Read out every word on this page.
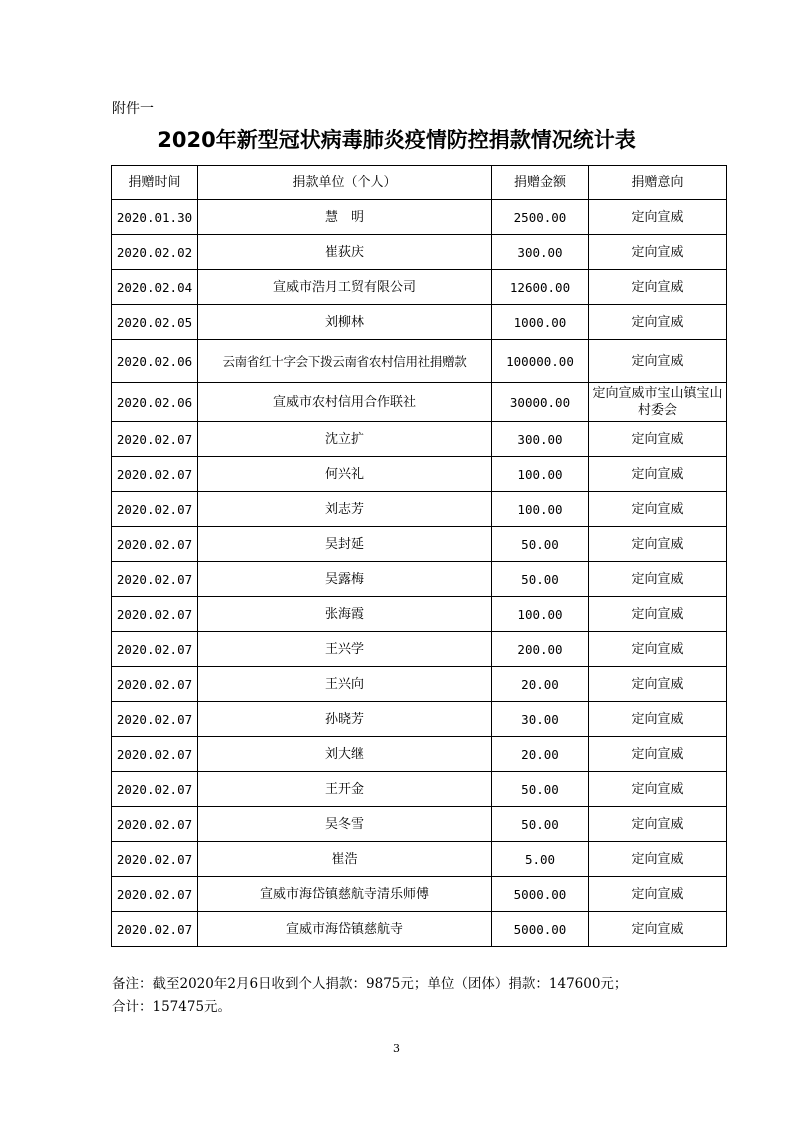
附件一
2020年新型冠状病毒肺炎疫情防控捐款情况统计表
捐赠时间	捐款单位（个人）	捐赠金额	捐赠意向
2020.01.30	慧　明	2500.00	定向宣威
2020.02.02	崔荻庆	300.00	定向宣威
2020.02.04	宣威市浩月工贸有限公司	12600.00	定向宣威
2020.02.05	刘柳林	1000.00	定向宣威
2020.02.06	云南省红十字会下拨云南省农村信用社捐赠款	100000.00	定向宣威
2020.02.06	宣威市农村信用合作联社	30000.00	定向宣威市宝山镇宝山村委会
2020.02.07	沈立扩	300.00	定向宣威
2020.02.07	何兴礼	100.00	定向宣威
2020.02.07	刘志芳	100.00	定向宣威
2020.02.07	吴封延	50.00	定向宣威
2020.02.07	吴露梅	50.00	定向宣威
2020.02.07	张海霞	100.00	定向宣威
2020.02.07	王兴学	200.00	定向宣威
2020.02.07	王兴向	20.00	定向宣威
2020.02.07	孙晓芳	30.00	定向宣威
2020.02.07	刘大继	20.00	定向宣威
2020.02.07	王开金	50.00	定向宣威
2020.02.07	吴冬雪	50.00	定向宣威
2020.02.07	崔浩	5.00	定向宣威
2020.02.07	宣威市海岱镇慈航寺清乐师傅	5000.00	定向宣威
2020.02.07	宣威市海岱镇慈航寺	5000.00	定向宣威
备注：截至2020年2月6日收到个人捐款：9875元；单位（团体）捐款：147600元；
合计：157475元。
3
